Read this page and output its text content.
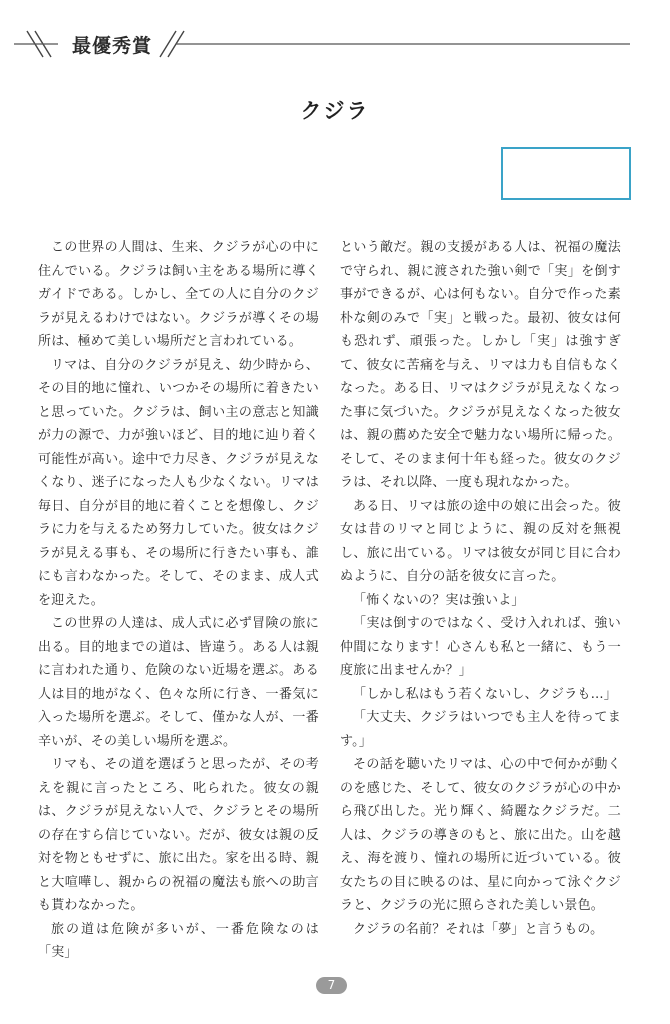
最優秀賞
クジラ

この世界の人間は、生来、クジラが心の中に住んでいる。クジラは飼い主をある場所に導くガイドである。しかし、全ての人に自分のクジラが見えるわけではない。クジラが導くその場所は、極めて美しい場所だと言われている。

リマは、自分のクジラが見え、幼少時から、その目的地に憧れ、いつかその場所に着きたいと思っていた。クジラは、飼い主の意志と知識が力の源で、力が強いほど、目的地に辿り着く可能性が高い。途中で力尽き、クジラが見えなくなり、迷子になった人も少なくない。リマは毎日、自分が目的地に着くことを想像し、クジラに力を与えるため努力していた。彼女はクジラが見える事も、その場所に行きたい事も、誰にも言わなかった。そして、そのまま、成人式を迎えた。

この世界の人達は、成人式に必ず冒険の旅に出る。目的地までの道は、皆違う。ある人は親に言われた通り、危険のない近場を選ぶ。ある人は目的地がなく、色々な所に行き、一番気に入った場所を選ぶ。そして、僅かな人が、一番辛いが、その美しい場所を選ぶ。

リマも、その道を選ぼうと思ったが、その考えを親に言ったところ、叱られた。彼女の親は、クジラが見えない人で、クジラとその場所の存在すら信じていない。だが、彼女は親の反対を物ともせずに、旅に出た。家を出る時、親と大喧嘩し、親からの祝福の魔法も旅への助言も貰わなかった。

旅の道は危険が多いが、一番危険なのは「実」

という敵だ。親の支援がある人は、祝福の魔法で守られ、親に渡された強い剣で「実」を倒す事ができるが、心は何もない。自分で作った素朴な剣のみで「実」と戦った。最初、彼女は何も恐れず、頑張った。しかし「実」は強すぎて、彼女に苦痛を与え、リマは力も自信もなくなった。ある日、リマはクジラが見えなくなった事に気づいた。クジラが見えなくなった彼女は、親の薦めた安全で魅力ない場所に帰った。そして、そのまま何十年も経った。彼女のクジラは、それ以降、一度も現れなかった。

ある日、リマは旅の途中の娘に出会った。彼女は昔のリマと同じように、親の反対を無視し、旅に出ている。リマは彼女が同じ目に合わぬように、自分の話を彼女に言った。

「怖くないの？実は強いよ」

「実は倒すのではなく、受け入れれば、強い仲間になります！心さんも私と一緒に、もう一度旅に出ませんか？」

「しかし私はもう若くないし、クジラも…」

「大丈夫、クジラはいつでも主人を待ってます。」

その話を聴いたリマは、心の中で何かが動くのを感じた、そして、彼女のクジラが心の中から飛び出した。光り輝く、綺麗なクジラだ。二人は、クジラの導きのもと、旅に出た。山を越え、海を渡り、憧れの場所に近づいている。彼女たちの目に映るのは、星に向かって泳ぐクジラと、クジラの光に照らされた美しい景色。

クジラの名前？それは「夢」と言うもの。

7
